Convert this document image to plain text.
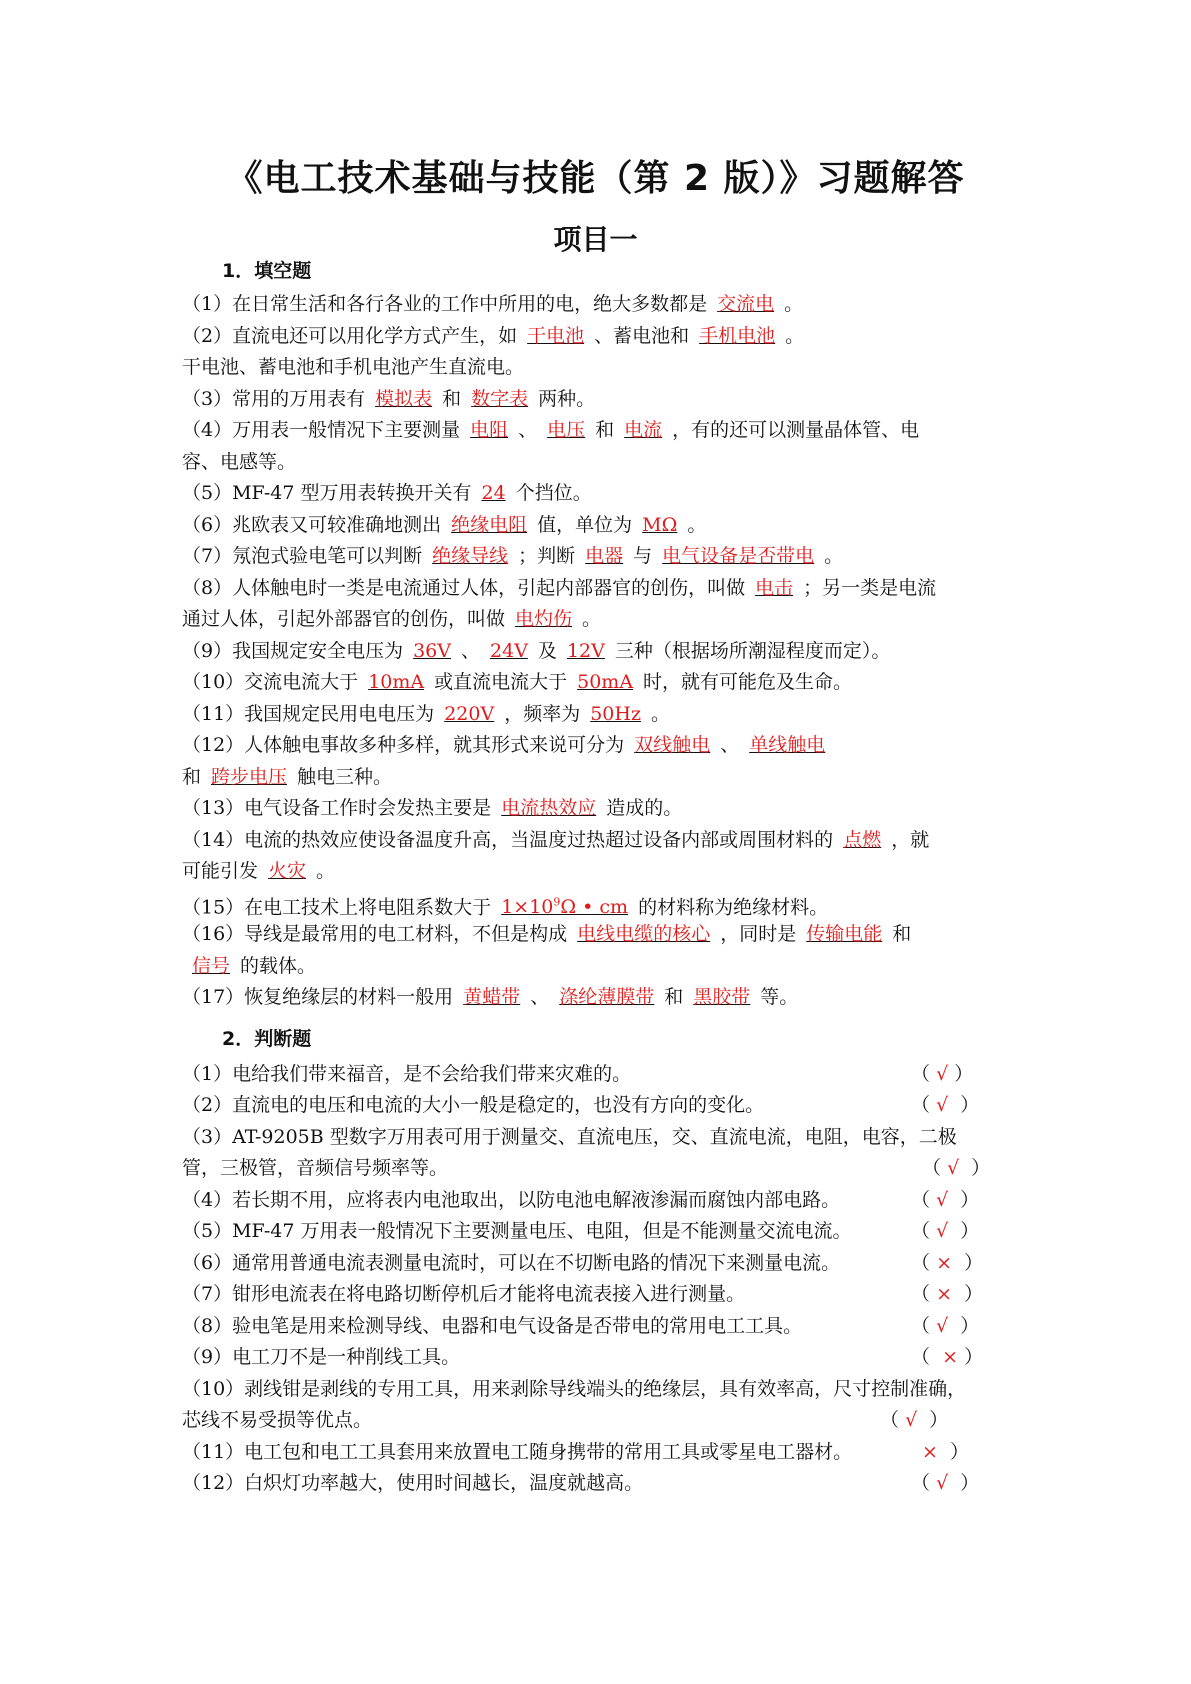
《电工技术基础与技能（第 2 版）》习题解答
项目一
1．填空题
（1）在日常生活和各行各业的工作中所用的电，绝大多数都是 交流电 。
（2）直流电还可以用化学方式产生，如 干电池 、蓄电池和 手机电池 。
干电池、蓄电池和手机电池产生直流电。
（3）常用的万用表有 模拟表 和 数字表 两种。
（4）万用表一般情况下主要测量 电阻 、 电压 和 电流 ，有的还可以测量晶体管、电
容、电感等。
（5）MF-47 型万用表转换开关有 24 个挡位。
（6）兆欧表又可较准确地测出 绝缘电阻 值，单位为 MΩ 。
（7）氖泡式验电笔可以判断 绝缘导线 ；判断 电器 与 电气设备是否带电 。
（8）人体触电时一类是电流通过人体，引起内部器官的创伤，叫做 电击 ；另一类是电流
通过人体，引起外部器官的创伤，叫做 电灼伤 。
（9）我国规定安全电压为 36V 、 24V 及 12V 三种（根据场所潮湿程度而定）。
（10）交流电流大于 10mA 或直流电流大于 50mA 时，就有可能危及生命。
（11）我国规定民用电电压为 220V ，频率为 50Hz 。
（12）人体触电事故多种多样，就其形式来说可分为 双线触电 、 单线触电
和 跨步电压 触电三种。
（13）电气设备工作时会发热主要是 电流热效应 造成的。
（14）电流的热效应使设备温度升高，当温度过热超过设备内部或周围材料的 点燃 ，就
可能引发 火灾 。
（15）在电工技术上将电阻系数大于 $1\times 10^9\Omega$ • cm 的材料称为绝缘材料。
（16）导线是最常用的电工材料，不但是构成 电线电缆的核心 ，同时是 传输电能 和
信号 的载体。
（17）恢复绝缘层的材料一般用 黄蜡带 、 涤纶薄膜带 和 黑胶带 等。
2．判断题
（1）电给我们带来福音，是不会给我们带来灾难的。	（ √ ）
（2）直流电的电压和电流的大小一般是稳定的，也没有方向的变化。	（ √ ）
（3）AT-9205B 型数字万用表可用于测量交、直流电压，交、直流电流，电阻，电容，二极
管，三极管，音频信号频率等。	（ √ ）
（4）若长期不用，应将表内电池取出，以防电池电解液渗漏而腐蚀内部电路。	（ √ ）
（5）MF-47 万用表一般情况下主要测量电压、电阻，但是不能测量交流电流。	（ √ ）
（6）通常用普通电流表测量电流时，可以在不切断电路的情况下来测量电流。	（ × ）
（7）钳形电流表在将电路切断停机后才能将电流表接入进行测量。	（ × ）
（8）验电笔是用来检测导线、电器和电气设备是否带电的常用电工工具。	（ √ ）
（9）电工刀不是一种削线工具。	（ × ）
（10）剥线钳是剥线的专用工具，用来剥除导线端头的绝缘层，具有效率高，尺寸控制准确，
芯线不易受损等优点。	（ √ ）
（11）电工包和电工工具套用来放置电工随身携带的常用工具或零星电工器材。	× ）
（12）白炽灯功率越大，使用时间越长，温度就越高。	（ √ ）
